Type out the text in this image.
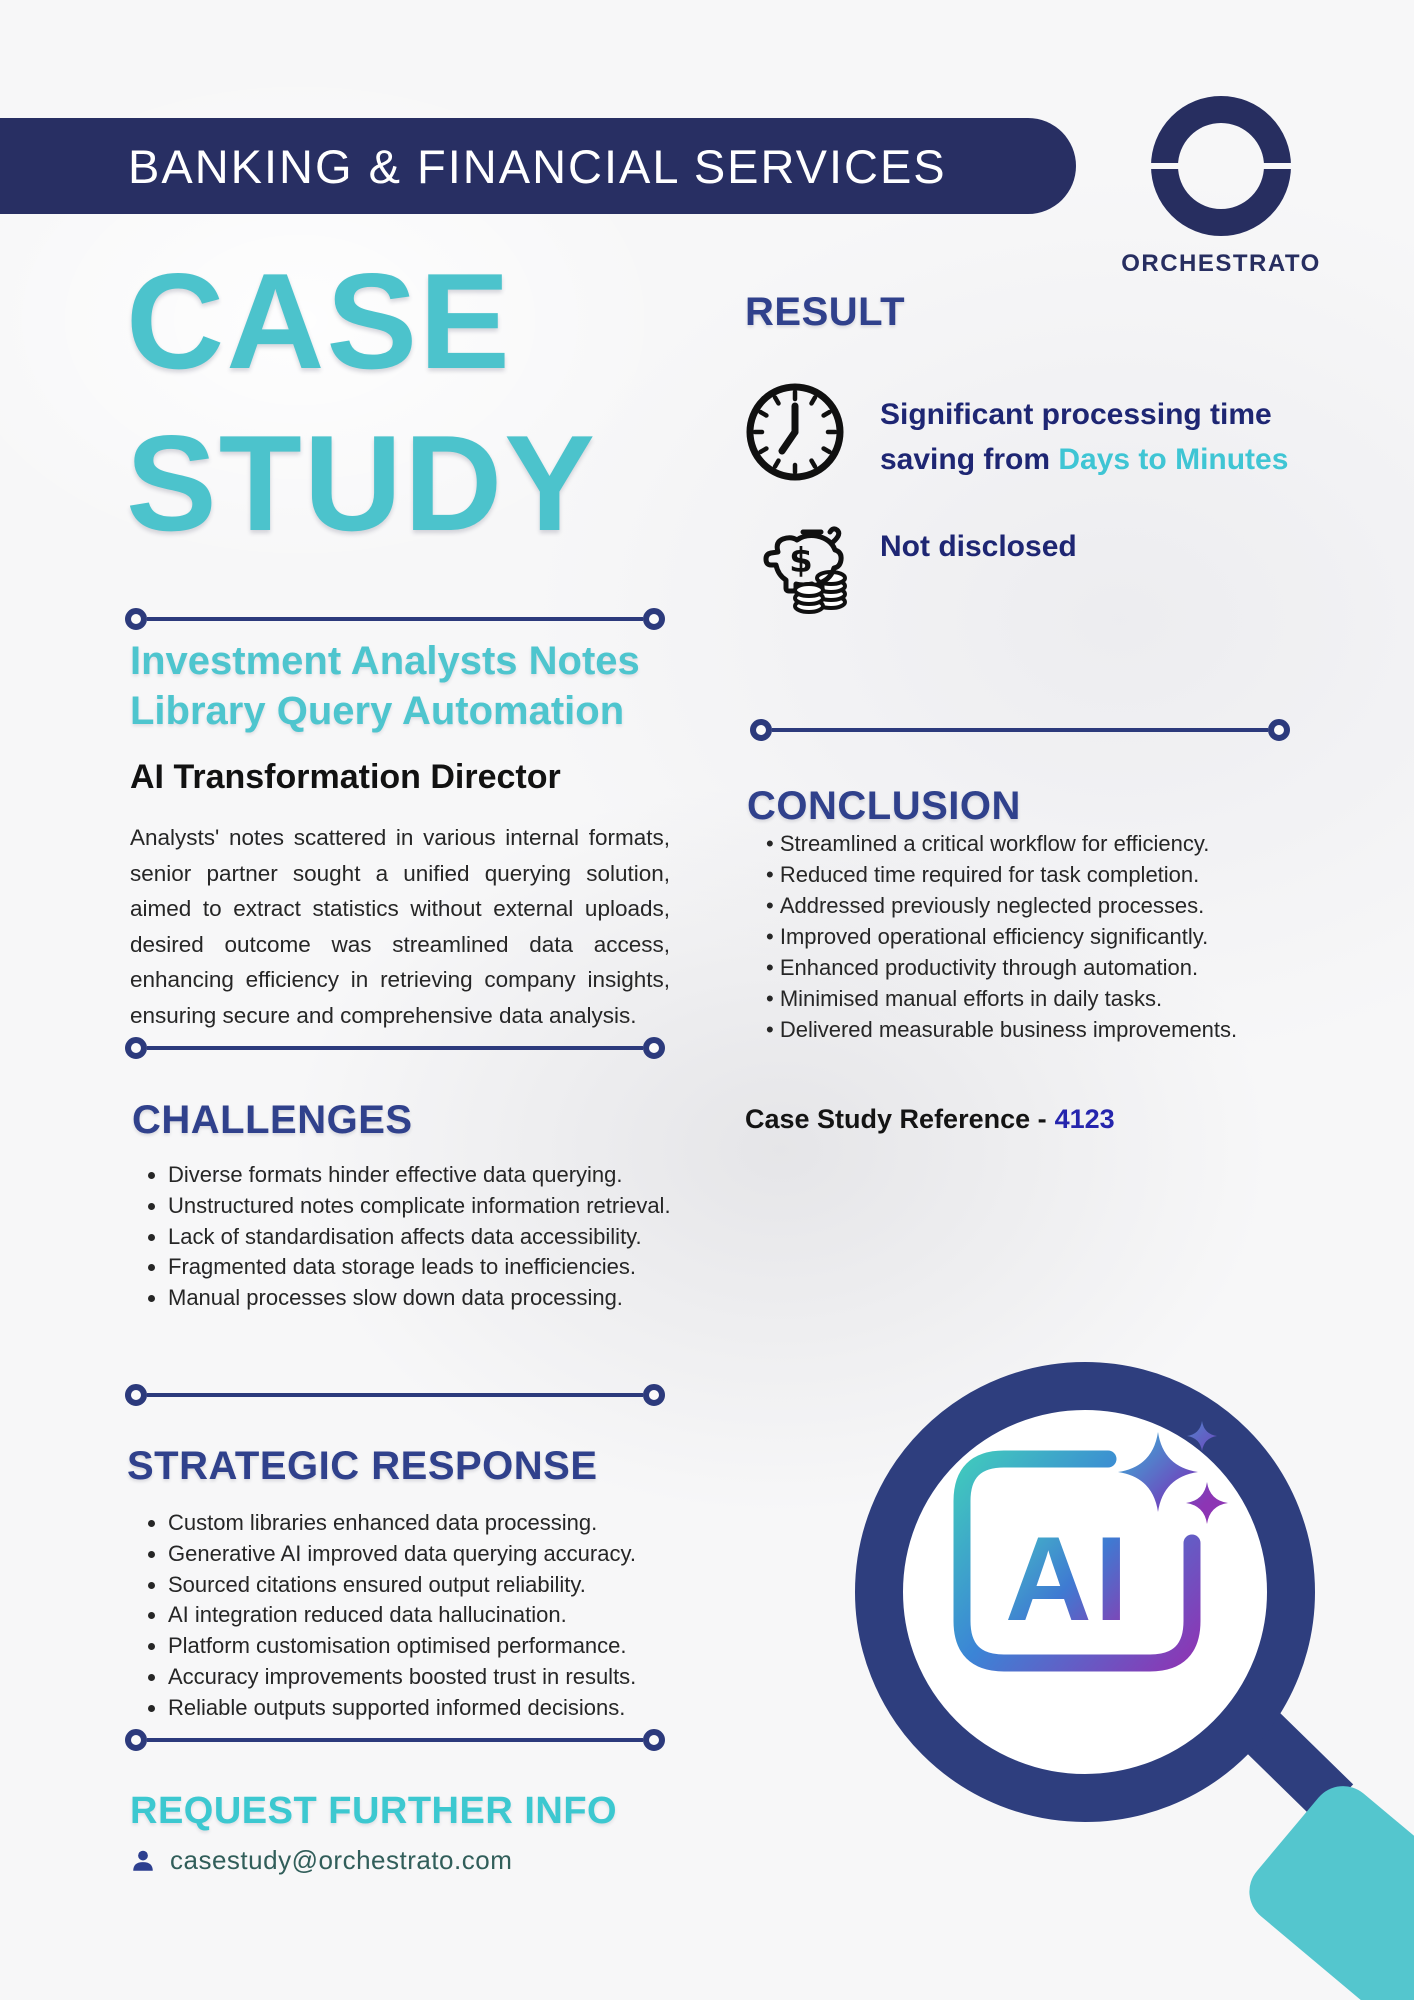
BANKING & FINANCIAL SERVICES
ORCHESTRATO
CASE
STUDY
Investment Analysts Notes
Library Query Automation
AI Transformation Director
Analysts' notes scattered in various internal formats, senior partner sought a unified querying solution, aimed to extract statistics without external uploads, desired outcome was streamlined data access, enhancing efficiency in retrieving company insights, ensuring secure and comprehensive data analysis.
RESULT
Significant processing time saving from Days to Minutes
$ Not disclosed
CONCLUSION
• Streamlined a critical workflow for efficiency.
• Reduced time required for task completion.
• Addressed previously neglected processes.
• Improved operational efficiency significantly.
• Enhanced productivity through automation.
• Minimised manual efforts in daily tasks.
• Delivered measurable business improvements.
Case Study Reference - 4123
CHALLENGES
• Diverse formats hinder effective data querying.
• Unstructured notes complicate information retrieval.
• Lack of standardisation affects data accessibility.
• Fragmented data storage leads to inefficiencies.
• Manual processes slow down data processing.
STRATEGIC RESPONSE
• Custom libraries enhanced data processing.
• Generative AI improved data querying accuracy.
• Sourced citations ensured output reliability.
• AI integration reduced data hallucination.
• Platform customisation optimised performance.
• Accuracy improvements boosted trust in results.
• Reliable outputs supported informed decisions.
REQUEST FURTHER INFO
casestudy@orchestrato.com
AI
